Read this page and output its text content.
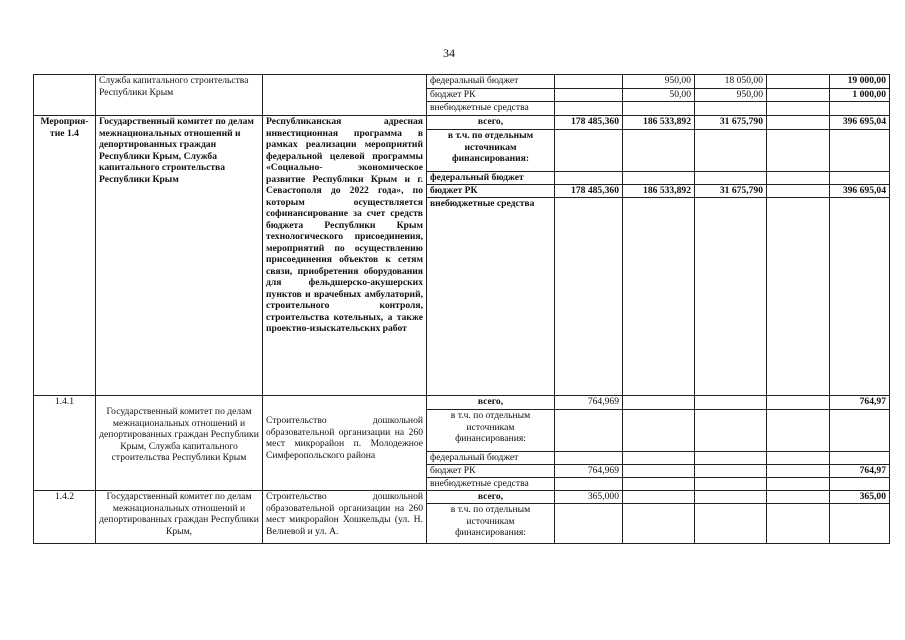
34
	Служба капитального строительства Республики Крым		федеральный бюджет		950,00	18 050,00		19 000,00
			бюджет РК		50,00	950,00		1 000,00
			внебюджетные средства					
Мероприя-тие 1.4	Государственный комитет по делам межнациональных отношений и депортированных граждан Республики Крым, Служба капитального строительства Республики Крым	Республиканская адресная инвестиционная программа в рамках реализации мероприятий федеральной целевой программы «Социально- экономическое развитие Республики Крым и г. Севастополя до 2022 года», по которым осуществляется софинансирование за счет средств бюджета Республики Крым технологического присоединения, мероприятий по осуществлению присоединения объектов к сетям связи, приобретения оборудования для фельдшерско-акушерских пунктов и врачебных амбулаторий, строительного контроля, строительства котельных, а также проектно-изыскательских работ	всего,	178 485,360	186 533,892	31 675,790		396 695,04
			в т.ч. по отдельным источникам финансирования:					
			федеральный бюджет					
			бюджет РК	178 485,360	186 533,892	31 675,790		396 695,04
			внебюджетные средства					
1.4.1	Государственный комитет по делам межнациональных отношений и депортированных граждан Республики Крым, Служба капитального строительства Республики Крым	Строительство дошкольной образовательной организации на 260 мест микрорайон п. Молодежное Симферопольского района	всего,	764,969				764,97
			в т.ч. по отдельным источникам финансирования:					
			федеральный бюджет					
			бюджет РК	764,969				764,97
			внебюджетные средства					
1.4.2	Государственный комитет по делам межнациональных отношений и депортированных граждан Республики Крым,	Строительство дошкольной образовательной организации на 260 мест микрорайон Хошкельды (ул. Н. Велиевой и ул. А.	всего,	365,000				365,00
			в т.ч. по отдельным источникам финансирования:					
